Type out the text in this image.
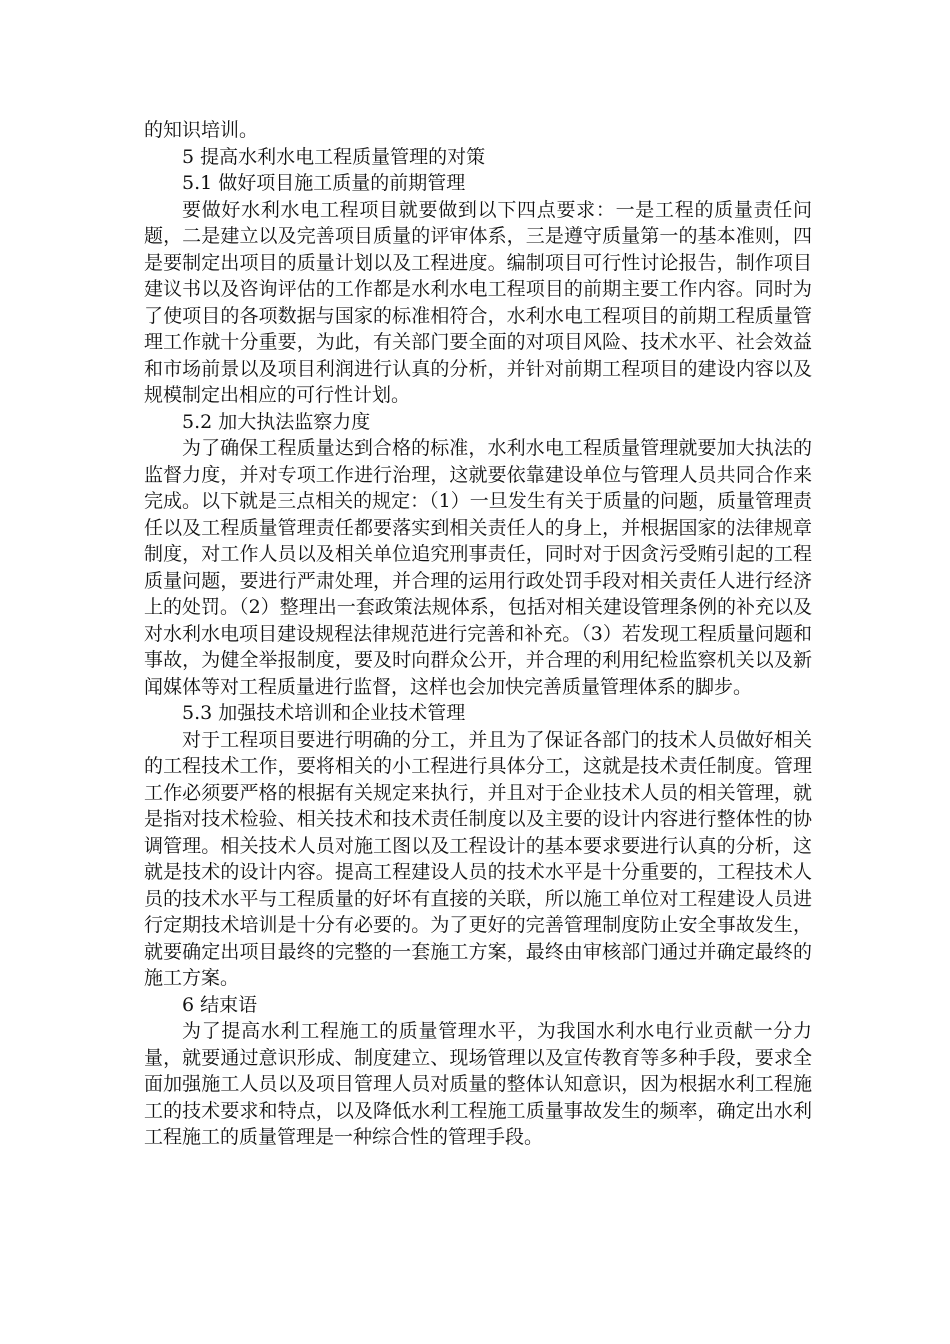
的知识培训。

5 提高水利水电工程质量管理的对策

5.1 做好项目施工质量的前期管理

要做好水利水电工程项目就要做到以下四点要求：一是工程的质量责任问题，二是建立以及完善项目质量的评审体系，三是遵守质量第一的基本准则，四是要制定出项目的质量计划以及工程进度。编制项目可行性讨论报告，制作项目建议书以及咨询评估的工作都是水利水电工程项目的前期主要工作内容。同时为了使项目的各项数据与国家的标准相符合，水利水电工程项目的前期工程质量管理工作就十分重要，为此，有关部门要全面的对项目风险、技术水平、社会效益和市场前景以及项目利润进行认真的分析，并针对前期工程项目的建设内容以及规模制定出相应的可行性计划。

5.2 加大执法监察力度

为了确保工程质量达到合格的标准，水利水电工程质量管理就要加大执法的监督力度，并对专项工作进行治理，这就要依靠建设单位与管理人员共同合作来完成。以下就是三点相关的规定：（1）一旦发生有关于质量的问题，质量管理责任以及工程质量管理责任都要落实到相关责任人的身上，并根据国家的法律规章制度，对工作人员以及相关单位追究刑事责任，同时对于因贪污受贿引起的工程质量问题，要进行严肃处理，并合理的运用行政处罚手段对相关责任人进行经济上的处罚。（2）整理出一套政策法规体系，包括对相关建设管理条例的补充以及对水利水电项目建设规程法律规范进行完善和补充。（3）若发现工程质量问题和事故，为健全举报制度，要及时向群众公开，并合理的利用纪检监察机关以及新闻媒体等对工程质量进行监督，这样也会加快完善质量管理体系的脚步。

5.3 加强技术培训和企业技术管理

对于工程项目要进行明确的分工，并且为了保证各部门的技术人员做好相关的工程技术工作，要将相关的小工程进行具体分工，这就是技术责任制度。管理工作必须要严格的根据有关规定来执行，并且对于企业技术人员的相关管理，就是指对技术检验、相关技术和技术责任制度以及主要的设计内容进行整体性的协调管理。相关技术人员对施工图以及工程设计的基本要求要进行认真的分析，这就是技术的设计内容。提高工程建设人员的技术水平是十分重要的，工程技术人员的技术水平与工程质量的好坏有直接的关联，所以施工单位对工程建设人员进行定期技术培训是十分有必要的。为了更好的完善管理制度防止安全事故发生，就要确定出项目最终的完整的一套施工方案，最终由审核部门通过并确定最终的施工方案。

6 结束语

为了提高水利工程施工的质量管理水平，为我国水利水电行业贡献一分力量，就要通过意识形成、制度建立、现场管理以及宣传教育等多种手段，要求全面加强施工人员以及项目管理人员对质量的整体认知意识，因为根据水利工程施工的技术要求和特点，以及降低水利工程施工质量事故发生的频率，确定出水利工程施工的质量管理是一种综合性的管理手段。
